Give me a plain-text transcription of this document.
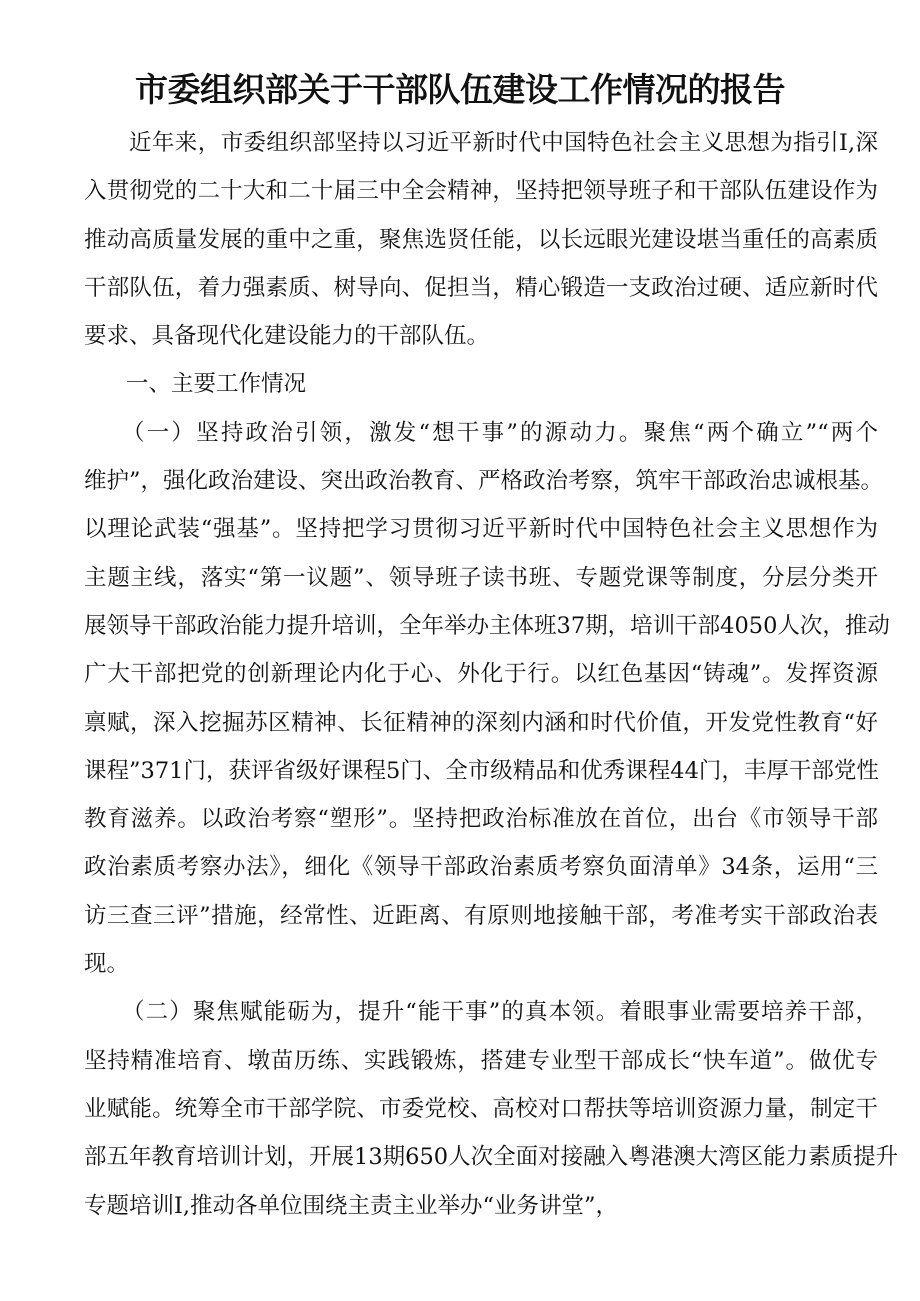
市委组织部关于干部队伍建设工作情况的报告
近年来，市委组织部坚持以习近平新时代中国特色社会主义思想为指引I,深
入贯彻党的二十大和二十届三中全会精神，坚持把领导班子和干部队伍建设作为
推动高质量发展的重中之重，聚焦选贤任能，以长远眼光建设堪当重任的高素质
干部队伍，着力强素质、树导向、促担当，精心锻造一支政治过硬、适应新时代
要求、具备现代化建设能力的干部队伍。
一、主要工作情况
（一）坚持政治引领，激发“想干事”的源动力。聚焦“两个确立”“两个
维护”，强化政治建设、突出政治教育、严格政治考察，筑牢干部政治忠诚根基。
以理论武装“强基”。坚持把学习贯彻习近平新时代中国特色社会主义思想作为
主题主线，落实“第一议题”、领导班子读书班、专题党课等制度，分层分类开
展领导干部政治能力提升培训，全年举办主体班37期，培训干部4050人次，推动
广大干部把党的创新理论内化于心、外化于行。以红色基因“铸魂”。发挥资源
禀赋，深入挖掘苏区精神、长征精神的深刻内涵和时代价值，开发党性教育“好
课程”371门，获评省级好课程5门、全市级精品和优秀课程44门，丰厚干部党性
教育滋养。以政治考察“塑形”。坚持把政治标准放在首位，出台《市领导干部
政治素质考察办法》，细化《领导干部政治素质考察负面清单》34条，运用“三
访三查三评”措施，经常性、近距离、有原则地接触干部，考准考实干部政治表
现。
（二）聚焦赋能砺为，提升“能干事”的真本领。着眼事业需要培养干部，
坚持精准培育、墩苗历练、实践锻炼，搭建专业型干部成长“快车道”。做优专
业赋能。统筹全市干部学院、市委党校、高校对口帮扶等培训资源力量，制定干
部五年教育培训计划，开展13期650人次全面对接融入粤港澳大湾区能力素质提升
专题培训I,推动各单位围绕主责主业举办“业务讲堂”，
